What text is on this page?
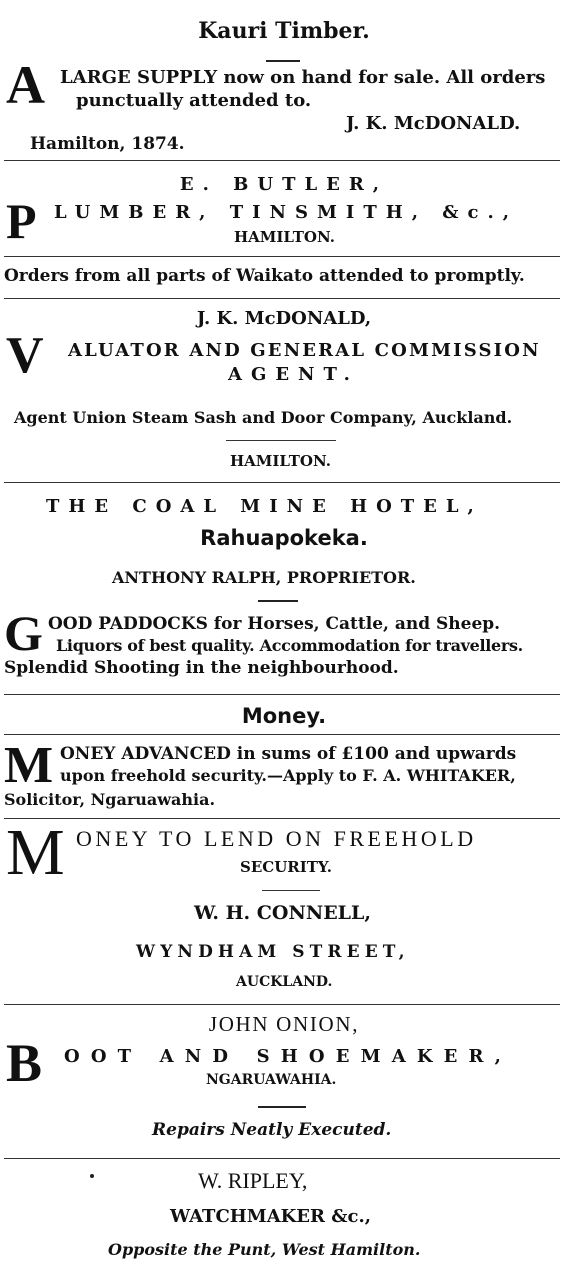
Kauri Timber.
A LARGE SUPPLY now on hand for sale. All orders
punctually attended to.
J. K. McDONALD.
Hamilton, 1874.
E. BUTLER,
P LUMBER, TINSMITH, &c.,
HAMILTON.
Orders from all parts of Waikato attended to promptly.
J. K. McDONALD,
V ALUATOR AND GENERAL COMMISSION
AGENT.
Agent Union Steam Sash and Door Company, Auckland.
HAMILTON.
THE COAL MINE HOTEL,
Rahuapokeka.
ANTHONY RALPH, PROPRIETOR.
G OOD PADDOCKS for Horses, Cattle, and Sheep.
Liquors of best quality. Accommodation for travellers.
Splendid Shooting in the neighbourhood.
Money.
M ONEY ADVANCED in sums of £100 and upwards
upon freehold security.—Apply to F. A. WHITAKER,
Solicitor, Ngaruawahia.
M ONEY TO LEND ON FREEHOLD
SECURITY.
W. H. CONNELL,
WYNDHAM STREET,
AUCKLAND.
JOHN ONION,
B OOT AND SHOEMAKER,
NGARUAWAHIA.
Repairs Neatly Executed.
W. RIPLEY,
WATCHMAKER &c.,
Opposite the Punt, West Hamilton.
